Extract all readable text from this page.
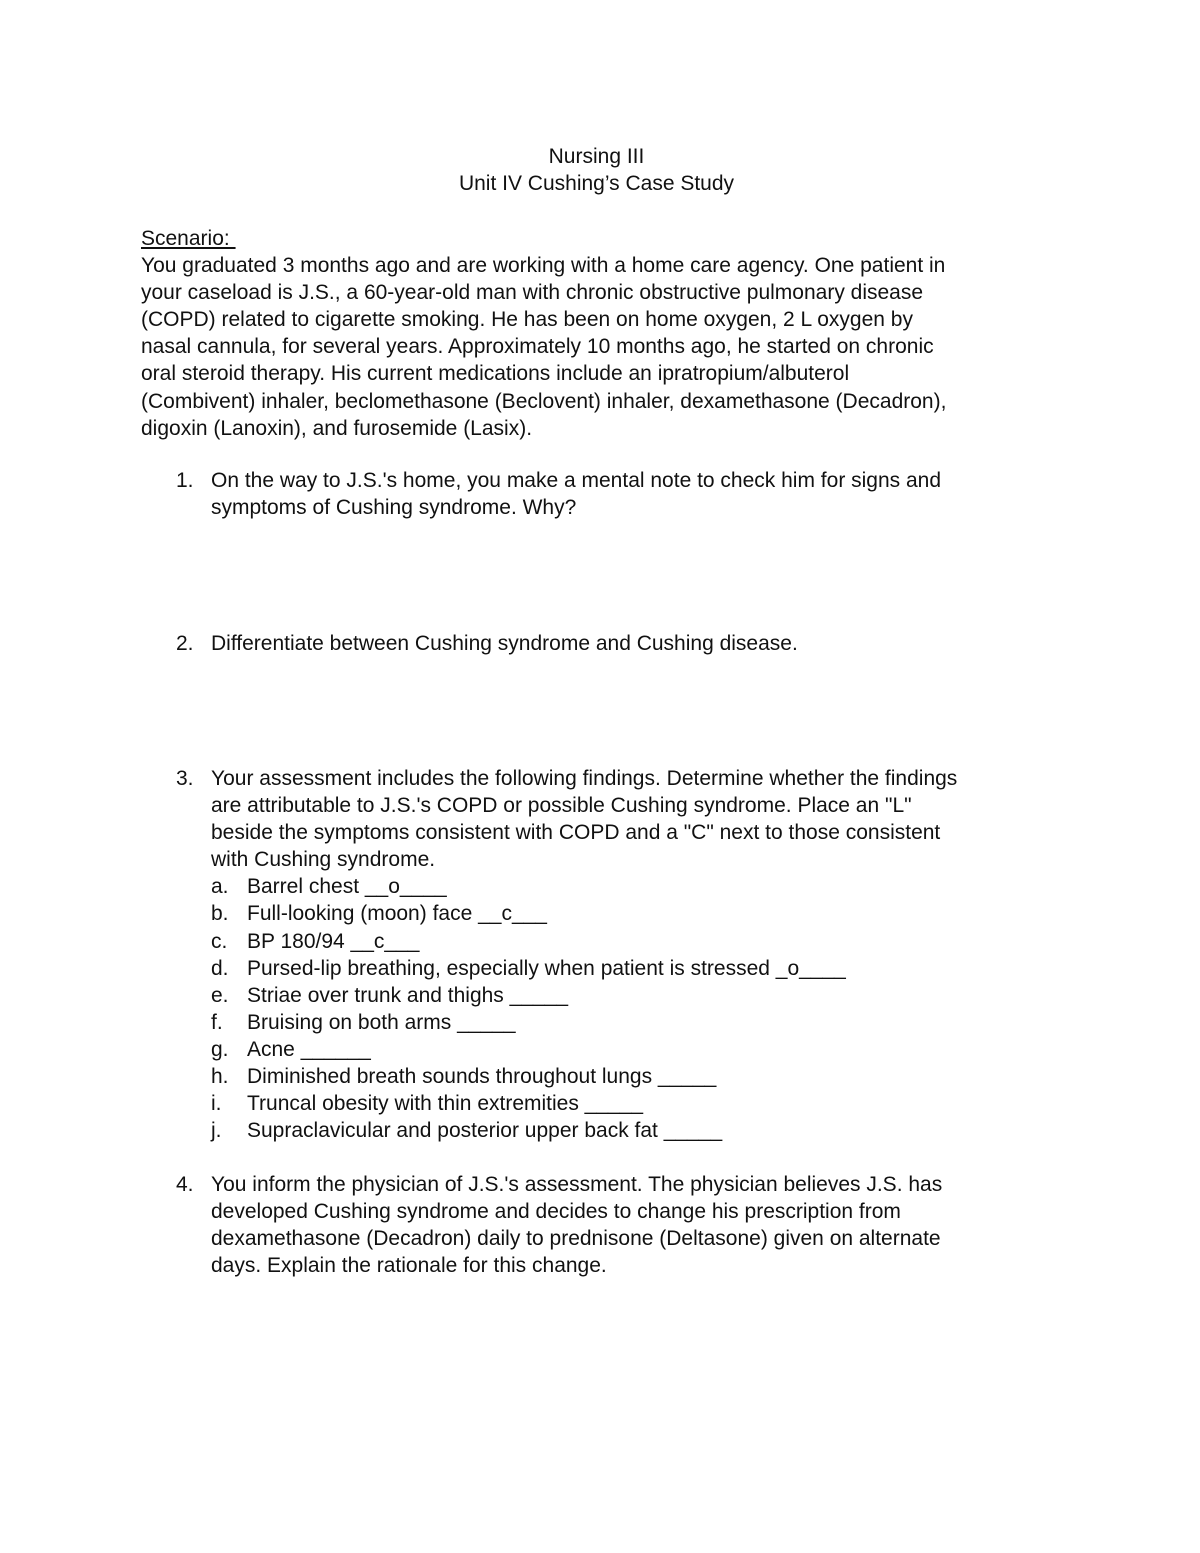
Nursing III
Unit IV Cushing’s Case Study
Scenario:
You graduated 3 months ago and are working with a home care agency. One patient in
your caseload is J.S., a 60-year-old man with chronic obstructive pulmonary disease
(COPD) related to cigarette smoking. He has been on home oxygen, 2 L oxygen by
nasal cannula, for several years. Approximately 10 months ago, he started on chronic
oral steroid therapy. His current medications include an ipratropium/albuterol
(Combivent) inhaler, beclomethasone (Beclovent) inhaler, dexamethasone (Decadron),
digoxin (Lanoxin), and furosemide (Lasix).
1. On the way to J.S.'s home, you make a mental note to check him for signs and
symptoms of Cushing syndrome. Why?
2. Differentiate between Cushing syndrome and Cushing disease.
3. Your assessment includes the following findings. Determine whether the findings
are attributable to J.S.'s COPD or possible Cushing syndrome. Place an "L"
beside the symptoms consistent with COPD and a "C" next to those consistent
with Cushing syndrome.
a. Barrel chest __o____
b. Full-looking (moon) face __c___
c. BP 180/94 __c___
d. Pursed-lip breathing, especially when patient is stressed _o____
e. Striae over trunk and thighs _____
f. Bruising on both arms _____
g. Acne ______
h. Diminished breath sounds throughout lungs _____
i. Truncal obesity with thin extremities _____
j. Supraclavicular and posterior upper back fat _____
4. You inform the physician of J.S.'s assessment. The physician believes J.S. has
developed Cushing syndrome and decides to change his prescription from
dexamethasone (Decadron) daily to prednisone (Deltasone) given on alternate
days. Explain the rationale for this change.
